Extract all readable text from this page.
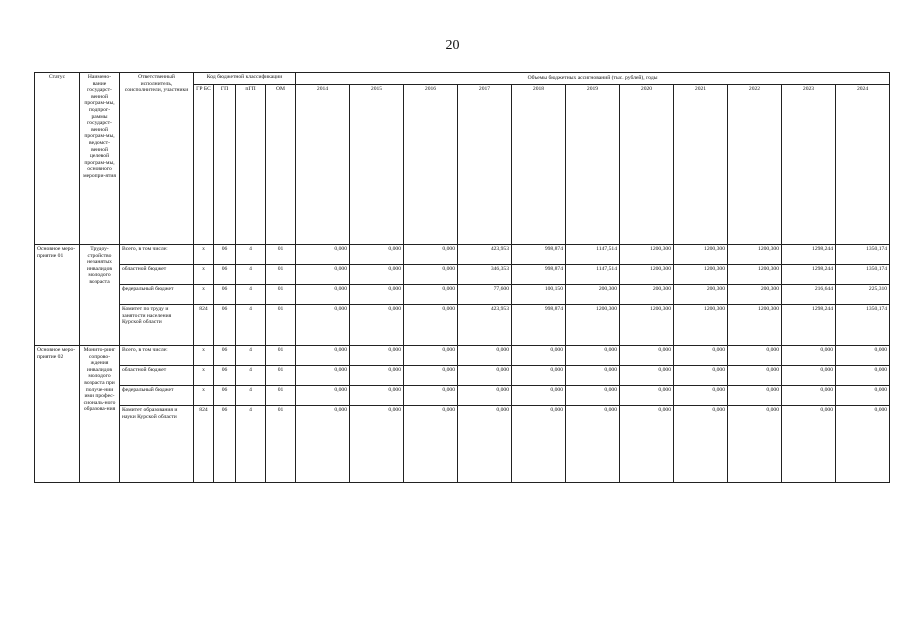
20
Статус	Наимено-вание государст-венной програм-мы, подпрог-раммы государст-венной програм-мы, ведомст-венной целевой програм-мы, основного меропри-ятия	Ответственный исполнитель, соисполнители, участники	Код бюджетной классификации				Объемы бюджетных ассигнований (тыс. рублей), годы										
			ГР БС	ГП	пГП	ОМ	2014	2015	2016	2017	2018	2019	2020	2021	2022	2023	2024
Основное меро-приятие 01	Трудоу-стройство незанятых инвалидов молодого возраста	Всего, в том числе:	х	06	4	01	0,000	0,000	0,000	423,953	998,874	1147,514	1200,300	1200,300	1200,300	1298,244	1350,174
		областной бюджет	х	06	4	01	0,000	0,000	0,000	346,353	998,874	1147,514	1200,300	1200,300	1200,300	1298,244	1350,174
		федеральный бюджет	х	06	4	01	0,000	0,000	0,000	77,600	100,150	200,300	200,300	200,300	200,300	216,644	225,310
		Комитет по труду и занятости населения Курской области	824	06	4	01	0,000	0,000	0,000	423,953	998,874	1200,300	1200,300	1200,300	1200,300	1298,244	1350,174
Основное меро-приятие 02	Монито-ринг сопрово-ждения инвалидов молодого возраста при получе-нии ими профес-сиональ-ного образова-ния	Всего, в том числе:	х	06	4	01	0,000	0,000	0,000	0,000	0,000	0,000	0,000	0,000	0,000	0,000	0,000
		областной бюджет	х	06	4	01	0,000	0,000	0,000	0,000	0,000	0,000	0,000	0,000	0,000	0,000	0,000
		федеральный бюджет	х	06	4	01	0,000	0,000	0,000	0,000	0,000	0,000	0,000	0,000	0,000	0,000	0,000
		Комитет образования и науки Курской области	824	06	4	01	0,000	0,000	0,000	0,000	0,000	0,000	0,000	0,000	0,000	0,000	0,000
